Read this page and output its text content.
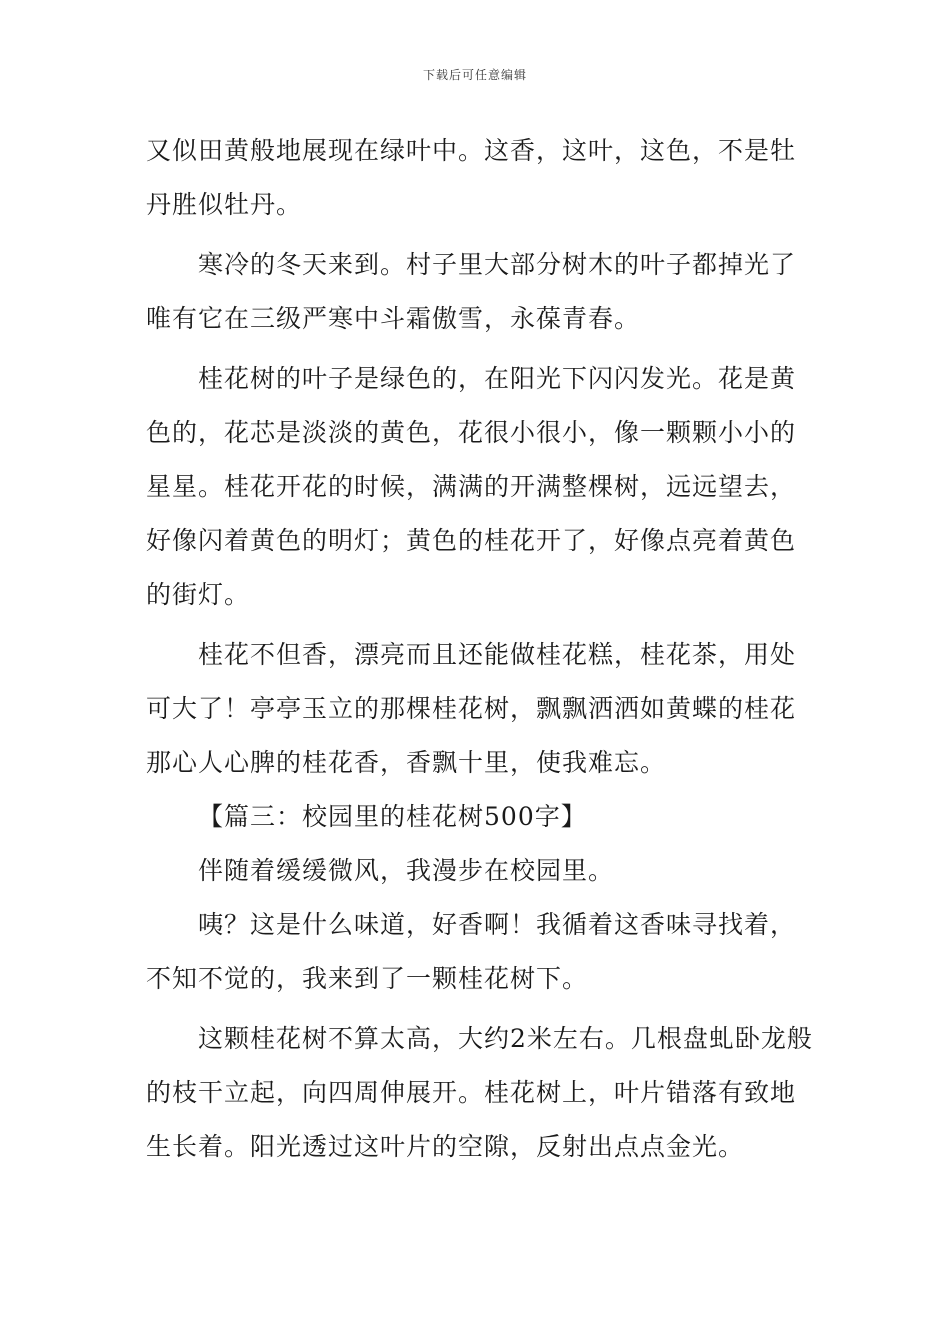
下载后可任意编辑
又似田黄般地展现在绿叶中。这香，这叶，这色，不是牡
丹胜似牡丹。
寒冷的冬天来到。村子里大部分树木的叶子都掉光了
唯有它在三级严寒中斗霜傲雪，永葆青春。
桂花树的叶子是绿色的，在阳光下闪闪发光。花是黄
色的，花芯是淡淡的黄色，花很小很小，像一颗颗小小的
星星。桂花开花的时候，满满的开满整棵树，远远望去，
好像闪着黄色的明灯；黄色的桂花开了，好像点亮着黄色
的街灯。
桂花不但香，漂亮而且还能做桂花糕，桂花茶，用处
可大了！亭亭玉立的那棵桂花树，飘飘洒洒如黄蝶的桂花
那心人心脾的桂花香，香飘十里，使我难忘。
【篇三：校园里的桂花树500字】
伴随着缓缓微风，我漫步在校园里。
咦？这是什么味道，好香啊！我循着这香味寻找着，
不知不觉的，我来到了一颗桂花树下。
这颗桂花树不算太高，大约2米左右。几根盘虬卧龙般
的枝干立起，向四周伸展开。桂花树上，叶片错落有致地
生长着。阳光透过这叶片的空隙，反射出点点金光。
